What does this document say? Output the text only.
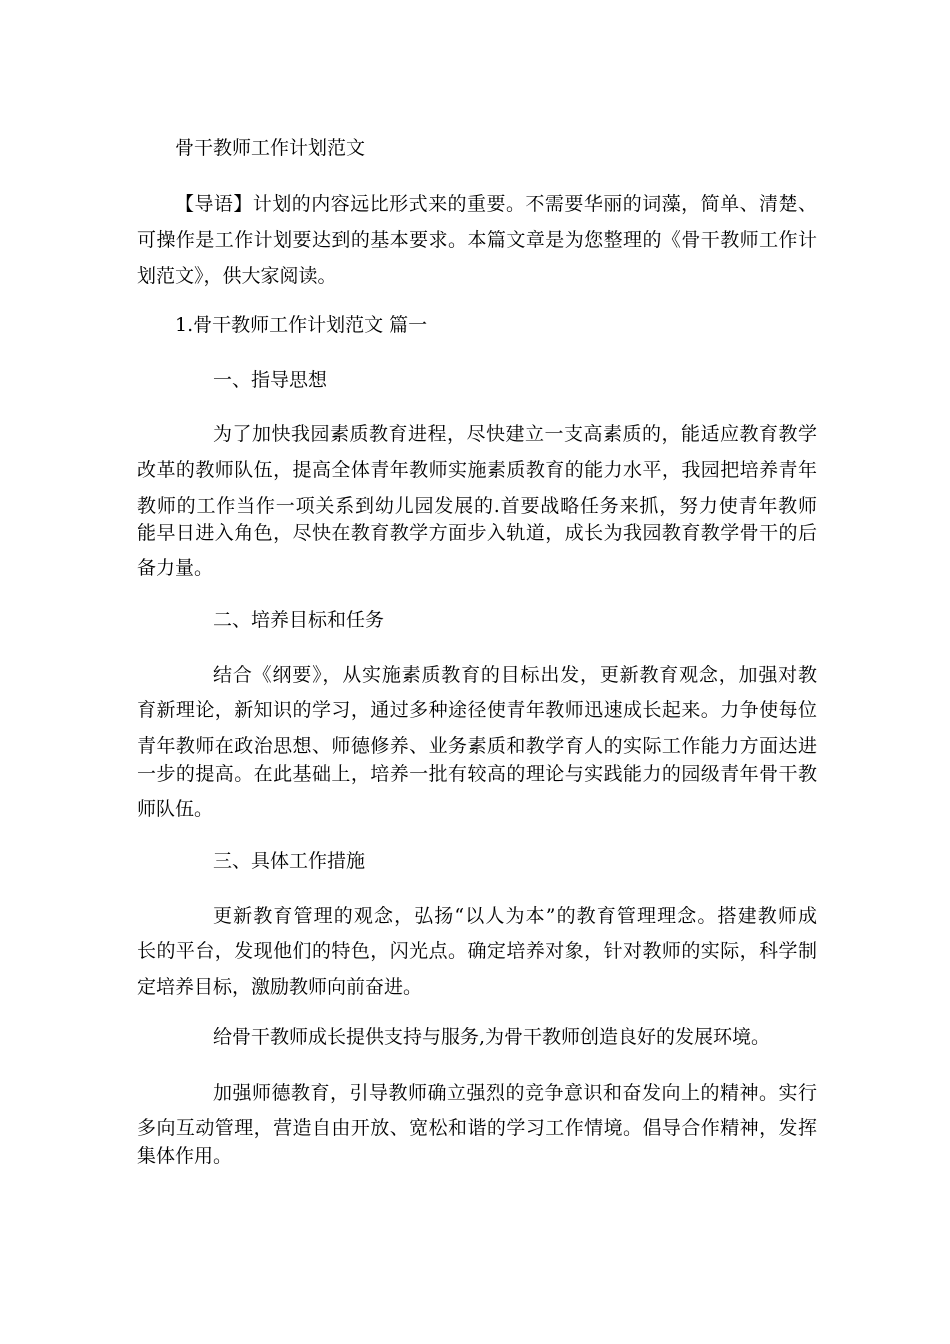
骨干教师工作计划范文
【导语】计划的内容远比形式来的重要。不需要华丽的词藻，简单、清楚、
可操作是工作计划要达到的基本要求。本篇文章是为您整理的《骨干教师工作计
划范文》，供大家阅读。
1.骨干教师工作计划范文 篇一
一、指导思想
为了加快我园素质教育进程，尽快建立一支高素质的，能适应教育教学
改革的教师队伍，提高全体青年教师实施素质教育的能力水平，我园把培养青年
教师的工作当作一项关系到幼儿园发展的.首要战略任务来抓，努力使青年教师
能早日进入角色，尽快在教育教学方面步入轨道，成长为我园教育教学骨干的后
备力量。
二、培养目标和任务
结合《纲要》，从实施素质教育的目标出发，更新教育观念，加强对教
育新理论，新知识的学习，通过多种途径使青年教师迅速成长起来。力争使每位
青年教师在政治思想、师德修养、业务素质和教学育人的实际工作能力方面达进
一步的提高。在此基础上，培养一批有较高的理论与实践能力的园级青年骨干教
师队伍。
三、具体工作措施
更新教育管理的观念，弘扬“以人为本”的教育管理理念。搭建教师成
长的平台，发现他们的特色，闪光点。确定培养对象，针对教师的实际，科学制
定培养目标，激励教师向前奋进。
给骨干教师成长提供支持与服务,为骨干教师创造良好的发展环境。
加强师德教育，引导教师确立强烈的竞争意识和奋发向上的精神。实行
多向互动管理，营造自由开放、宽松和谐的学习工作情境。倡导合作精神，发挥
集体作用。
